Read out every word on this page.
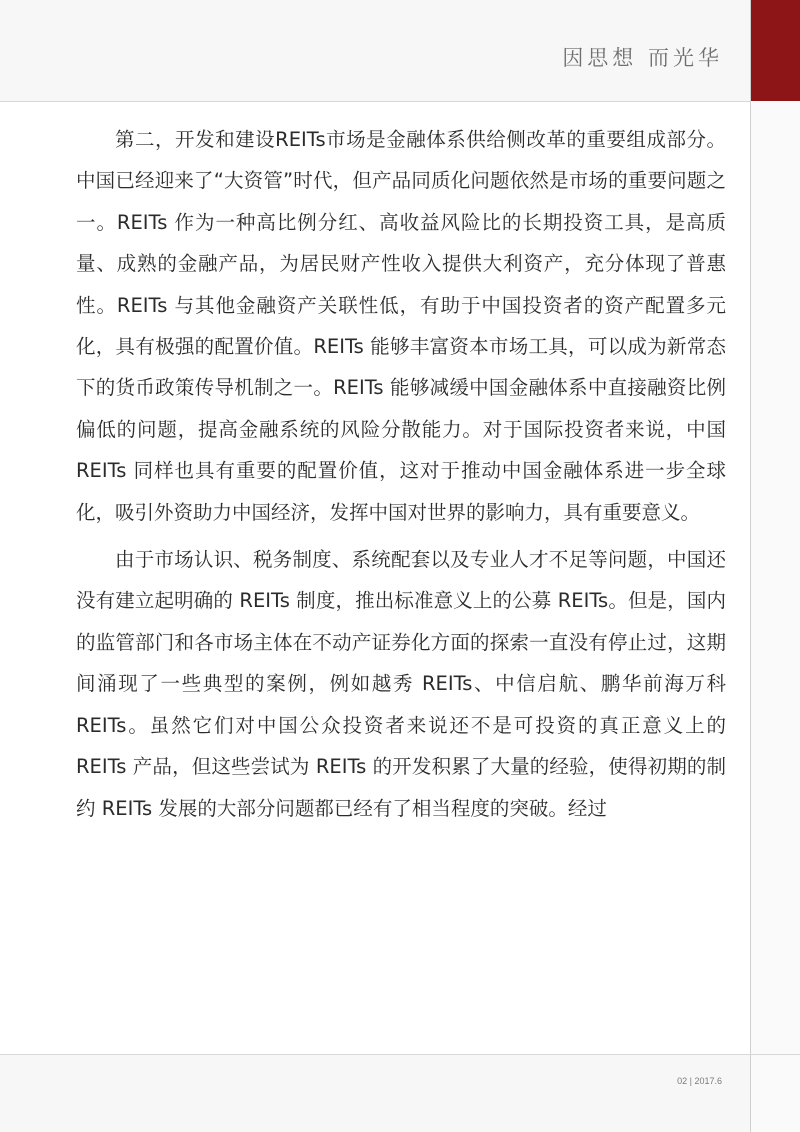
因思想 而光华

第二，开发和建设REITs市场是金融体系供给侧改革的重要组成部分。中国已经迎来了“大资管”时代，但产品同质化问题依然是市场的重要问题之一。REITs 作为一种高比例分红、高收益风险比的长期投资工具，是高质量、成熟的金融产品，为居民财产性收入提供大利资产，充分体现了普惠性。REITs 与其他金融资产关联性低，有助于中国投资者的资产配置多元化，具有极强的配置价值。REITs 能够丰富资本市场工具，可以成为新常态下的货币政策传导机制之一。REITs 能够减缓中国金融体系中直接融资比例偏低的问题，提高金融系统的风险分散能力。对于国际投资者来说，中国 REITs 同样也具有重要的配置价值，这对于推动中国金融体系进一步全球化，吸引外资助力中国经济，发挥中国对世界的影响力，具有重要意义。

由于市场认识、税务制度、系统配套以及专业人才不足等问题，中国还没有建立起明确的 REITs 制度，推出标准意义上的公募 REITs。但是，国内的监管部门和各市场主体在不动产证券化方面的探索一直没有停止过，这期间涌现了一些典型的案例，例如越秀 REITs、中信启航、鹏华前海万科 REITs。虽然它们对中国公众投资者来说还不是可投资的真正意义上的 REITs 产品，但这些尝试为 REITs 的开发积累了大量的经验，使得初期的制约 REITs 发展的大部分问题都已经有了相当程度的突破。经过

02 | 2017.6
